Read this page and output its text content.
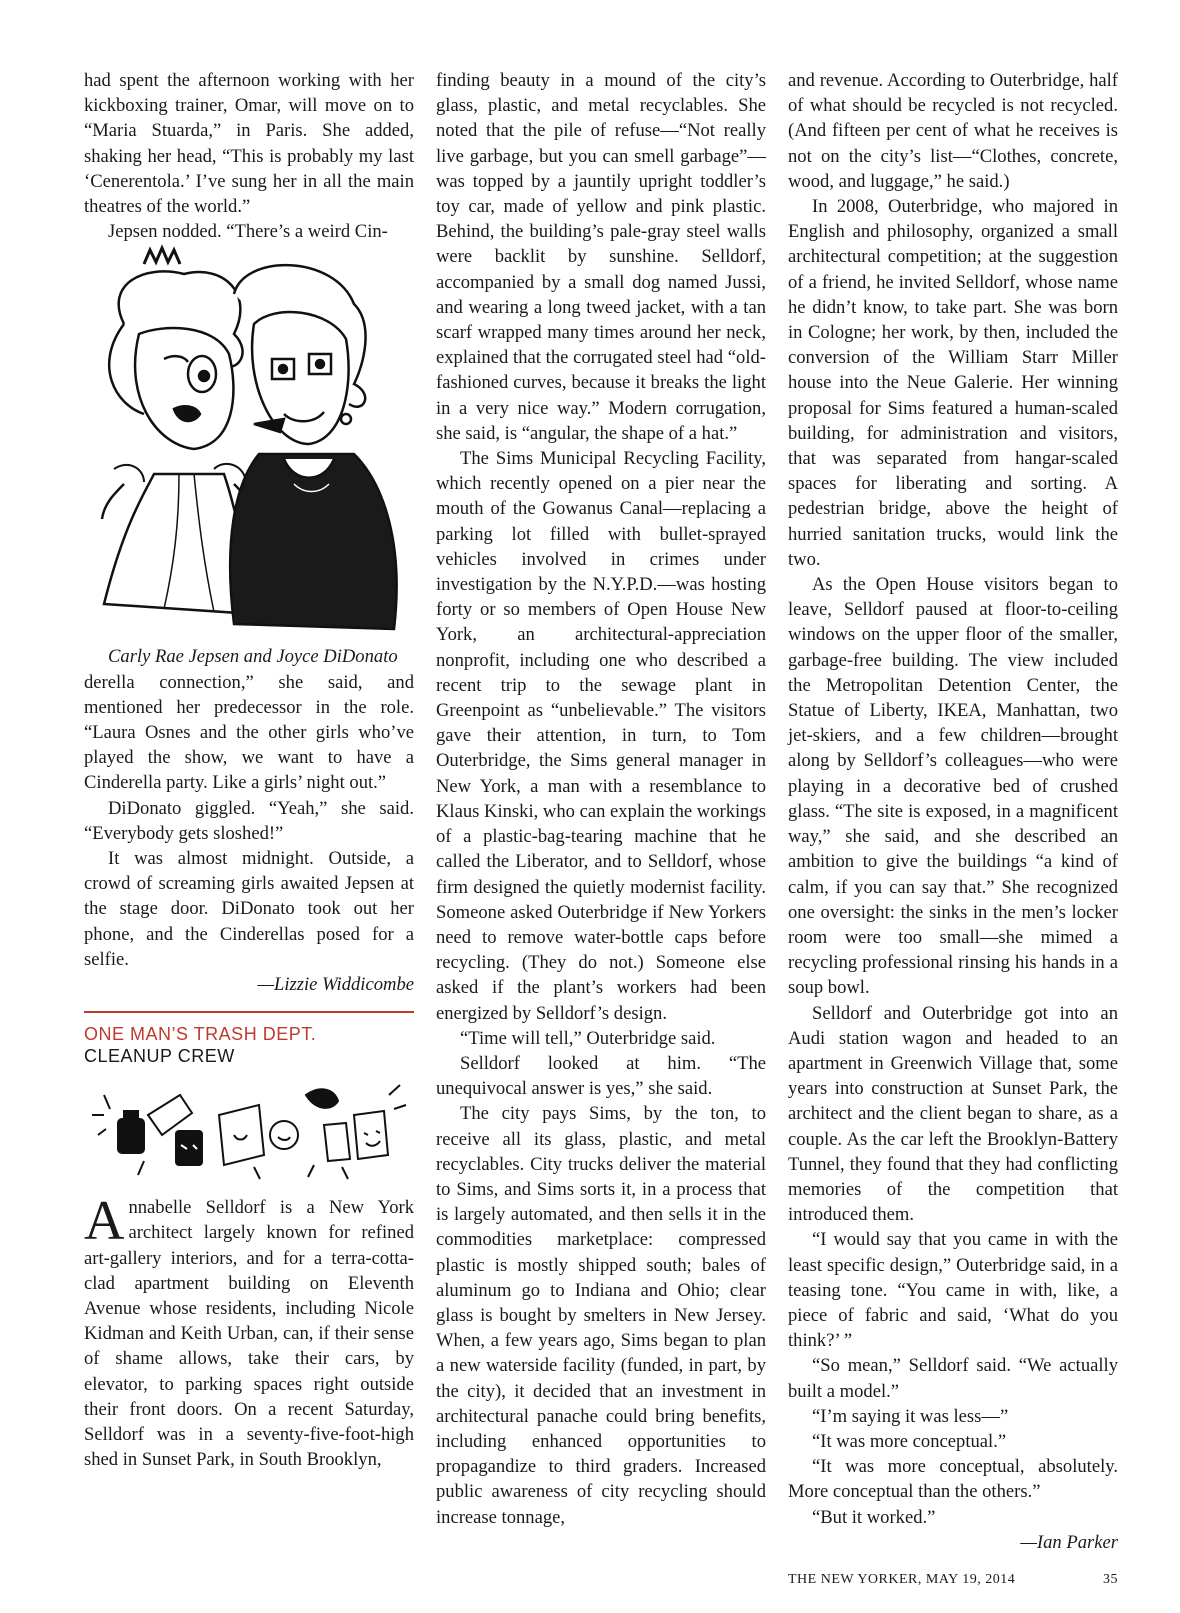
had spent the afternoon working with her kickboxing trainer, Omar, will move on to “Maria Stuarda,” in Paris. She added, shaking her head, “This is probably my last ‘Cenerentola.’ I’ve sung her in all the main theatres of the world.”

Jepsen nodded. “There’s a weird Cin-

Carly Rae Jepsen and Joyce DiDonato

derella connection,” she said, and mentioned her predecessor in the role. “Laura Osnes and the other girls who’ve played the show, we want to have a Cinderella party. Like a girls’ night out.”

DiDonato giggled. “Yeah,” she said. “Everybody gets sloshed!”

It was almost midnight. Outside, a crowd of screaming girls awaited Jepsen at the stage door. DiDonato took out her phone, and the Cinderellas posed for a selfie.

—Lizzie Widdicombe

ONE MAN’S TRASH DEPT.
CLEANUP CREW

Annabelle Selldorf is a New York architect largely known for refined art-gallery interiors, and for a terra-cotta-clad apartment building on Eleventh Avenue whose residents, including Nicole Kidman and Keith Urban, can, if their sense of shame allows, take their cars, by elevator, to parking spaces right outside their front doors. On a recent Saturday, Selldorf was in a seventy-five-foot-high shed in Sunset Park, in South Brooklyn,

finding beauty in a mound of the city’s glass, plastic, and metal recyclables. She noted that the pile of refuse—“Not really live garbage, but you can smell garbage”—was topped by a jauntily upright toddler’s toy car, made of yellow and pink plastic. Behind, the building’s pale-gray steel walls were backlit by sunshine. Selldorf, accompanied by a small dog named Jussi, and wearing a long tweed jacket, with a tan scarf wrapped many times around her neck, explained that the corrugated steel had “old-fashioned curves, because it breaks the light in a very nice way.” Modern corrugation, she said, is “angular, the shape of a hat.”

The Sims Municipal Recycling Facility, which recently opened on a pier near the mouth of the Gowanus Canal—replacing a parking lot filled with bullet-sprayed vehicles involved in crimes under investigation by the N.Y.P.D.—was hosting forty or so members of Open House New York, an architectural-appreciation nonprofit, including one who described a recent trip to the sewage plant in Greenpoint as “unbelievable.” The visitors gave their attention, in turn, to Tom Outerbridge, the Sims general manager in New York, a man with a resemblance to Klaus Kinski, who can explain the workings of a plastic-bag-tearing machine that he called the Liberator, and to Selldorf, whose firm designed the quietly modernist facility. Someone asked Outerbridge if New Yorkers need to remove water-bottle caps before recycling. (They do not.) Someone else asked if the plant’s workers had been energized by Selldorf’s design.

“Time will tell,” Outerbridge said.

Selldorf looked at him. “The unequivocal answer is yes,” she said.

The city pays Sims, by the ton, to receive all its glass, plastic, and metal recyclables. City trucks deliver the material to Sims, and Sims sorts it, in a process that is largely automated, and then sells it in the commodities marketplace: compressed plastic is mostly shipped south; bales of aluminum go to Indiana and Ohio; clear glass is bought by smelters in New Jersey. When, a few years ago, Sims began to plan a new waterside facility (funded, in part, by the city), it decided that an investment in architectural panache could bring benefits, including enhanced opportunities to propagandize to third graders. Increased public awareness of city recycling should increase tonnage,

and revenue. According to Outerbridge, half of what should be recycled is not recycled. (And fifteen per cent of what he receives is not on the city’s list—“Clothes, concrete, wood, and luggage,” he said.)

In 2008, Outerbridge, who majored in English and philosophy, organized a small architectural competition; at the suggestion of a friend, he invited Selldorf, whose name he didn’t know, to take part. She was born in Cologne; her work, by then, included the conversion of the William Starr Miller house into the Neue Galerie. Her winning proposal for Sims featured a human-scaled building, for administration and visitors, that was separated from hangar-scaled spaces for liberating and sorting. A pedestrian bridge, above the height of hurried sanitation trucks, would link the two.

As the Open House visitors began to leave, Selldorf paused at floor-to-ceiling windows on the upper floor of the smaller, garbage-free building. The view included the Metropolitan Detention Center, the Statue of Liberty, IKEA, Manhattan, two jet-skiers, and a few children—brought along by Selldorf’s colleagues—who were playing in a decorative bed of crushed glass. “The site is exposed, in a magnificent way,” she said, and she described an ambition to give the buildings “a kind of calm, if you can say that.” She recognized one oversight: the sinks in the men’s locker room were too small—she mimed a recycling professional rinsing his hands in a soup bowl.

Selldorf and Outerbridge got into an Audi station wagon and headed to an apartment in Greenwich Village that, some years into construction at Sunset Park, the architect and the client began to share, as a couple. As the car left the Brooklyn-Battery Tunnel, they found that they had conflicting memories of the competition that introduced them.

“I would say that you came in with the least specific design,” Outerbridge said, in a teasing tone. “You came in with, like, a piece of fabric and said, ‘What do you think?’ ”

“So mean,” Selldorf said. “We actually built a model.”

“I’m saying it was less—”

“It was more conceptual.”

“It was more conceptual, absolutely. More conceptual than the others.”

“But it worked.”

—Ian Parker

THE NEW YORKER, MAY 19, 2014	35
